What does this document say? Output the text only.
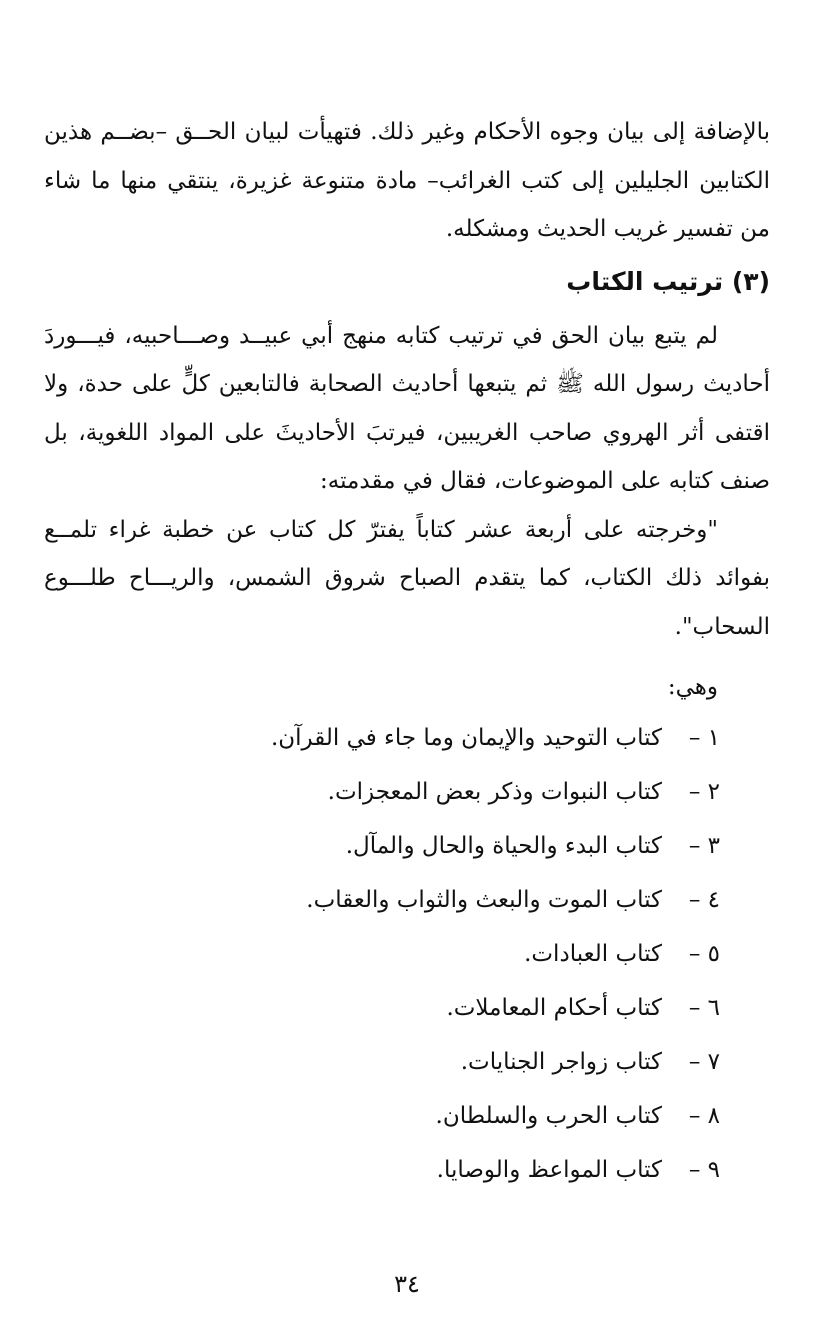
بالإضافة إلى بيان وجوه الأحكام وغير ذلك. فتهيأت لبيان الحــق –بضــم هذين الكتابين الجليلين إلى كتب الغرائب– مادة متنوعة غزيرة، ينتقي منها ما شاء من تفسير غريب الحديث ومشكله.

(٣) ترتيب الكتاب

لم يتبع بيان الحق في ترتيب كتابه منهج أبي عبيــد وصـــاحبيه، فيـــوردَ أحاديث رسول الله ﷺ ثم يتبعها أحاديث الصحابة فالتابعين كلٍّ على حدة، ولا اقتفى أثر الهروي صاحب الغريبين، فيرتبَ الأحاديثَ على المواد اللغوية، بل صنف كتابه على الموضوعات، فقال في مقدمته:

"وخرجته على أربعة عشر كتاباً يفترّ كل كتاب عن خطبة غراء تلمــع بفوائد ذلك الكتاب، كما يتقدم الصباح شروق الشمس، والريـــاح طلـــوع السحاب".

وهي:
١ –
كتاب التوحيد والإيمان وما جاء في القرآن.
٢ –
كتاب النبوات وذكر بعض المعجزات.
٣ –
كتاب البدء والحياة والحال والمآل.
٤ –
كتاب الموت والبعث والثواب والعقاب.
٥ –
كتاب العبادات.
٦ –
كتاب أحكام المعاملات.
٧ –
كتاب زواجر الجنايات.
٨ –
كتاب الحرب والسلطان.
٩ –
كتاب المواعظ والوصايا.
٣٤
